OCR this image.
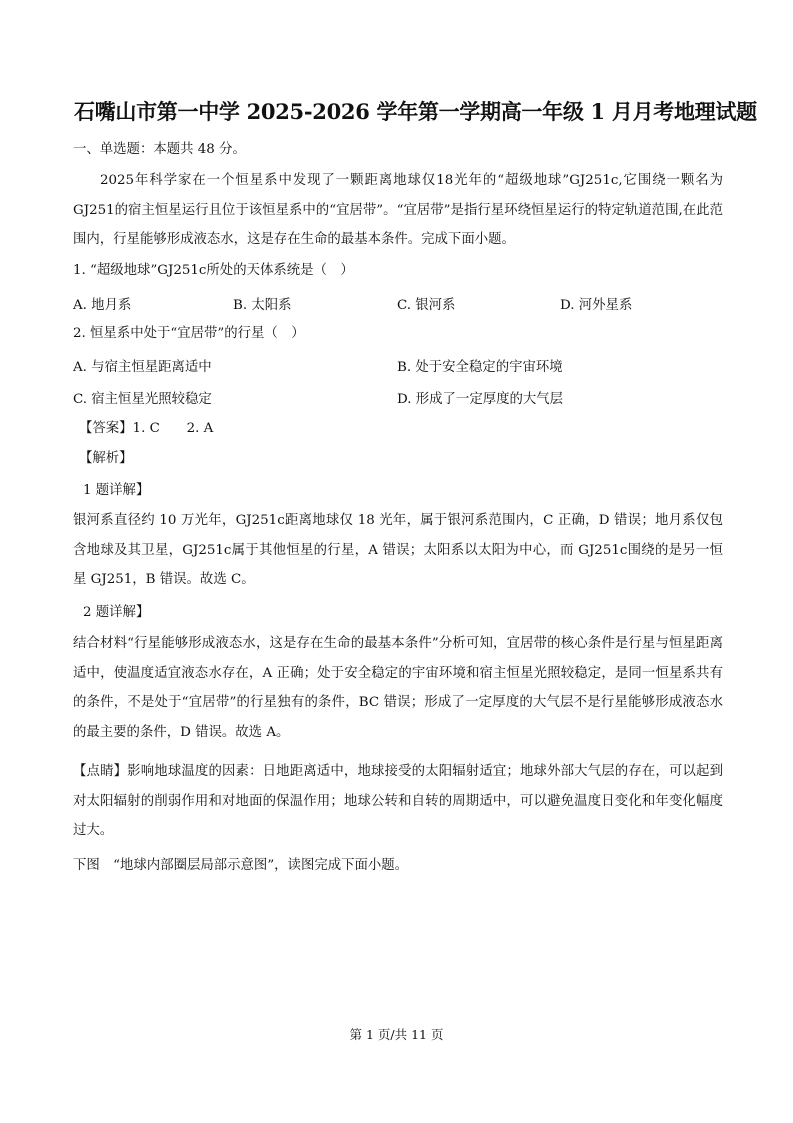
石嘴山市第一中学 2025-2026 学年第一学期高一年级 1 月月考地理试题
一、单选题：本题共 48 分。
2025年科学家在一个恒星系中发现了一颗距离地球仅18光年的“超级地球”GJ251c,它围绕一颗名为GJ251的宿主恒星运行且位于该恒星系中的“宜居带”。“宜居带”是指行星环绕恒星运行的特定轨道范围,在此范围内，行星能够形成液态水，这是存在生命的最基本条件。完成下面小题。
1. “超级地球”GJ251c所处的天体系统是（　）
A. 地月系	B. 太阳系	C. 银河系	D. 河外星系
2. 恒星系中处于“宜居带”的行星（　）
A. 与宿主恒星距离适中	B. 处于安全稳定的宇宙环境
C. 宿主恒星光照较稳定	D. 形成了一定厚度的大气层
【答案】1. C　　2. A
【解析】
1 题详解】
银河系直径约 10 万光年，GJ251c距离地球仅 18 光年，属于银河系范围内，C 正确，D 错误；地月系仅包含地球及其卫星，GJ251c属于其他恒星的行星，A 错误；太阳系以太阳为中心，而 GJ251c围绕的是另一恒星 GJ251，B 错误。故选 C。
2 题详解】
结合材料“行星能够形成液态水，这是存在生命的最基本条件”分析可知，宜居带的核心条件是行星与恒星距离适中，使温度适宜液态水存在，A 正确；处于安全稳定的宇宙环境和宿主恒星光照较稳定，是同一恒星系共有的条件，不是处于“宜居带”的行星独有的条件，BC 错误；形成了一定厚度的大气层不是行星能够形成液态水的最主要的条件，D 错误。故选 A。
【点睛】影响地球温度的因素：日地距离适中，地球接受的太阳辐射适宜；地球外部大气层的存在，可以起到对太阳辐射的削弱作用和对地面的保温作用；地球公转和自转的周期适中，可以避免温度日变化和年变化幅度过大。
下图　“地球内部圈层局部示意图”，读图完成下面小题。
第 1 页/共 11 页
